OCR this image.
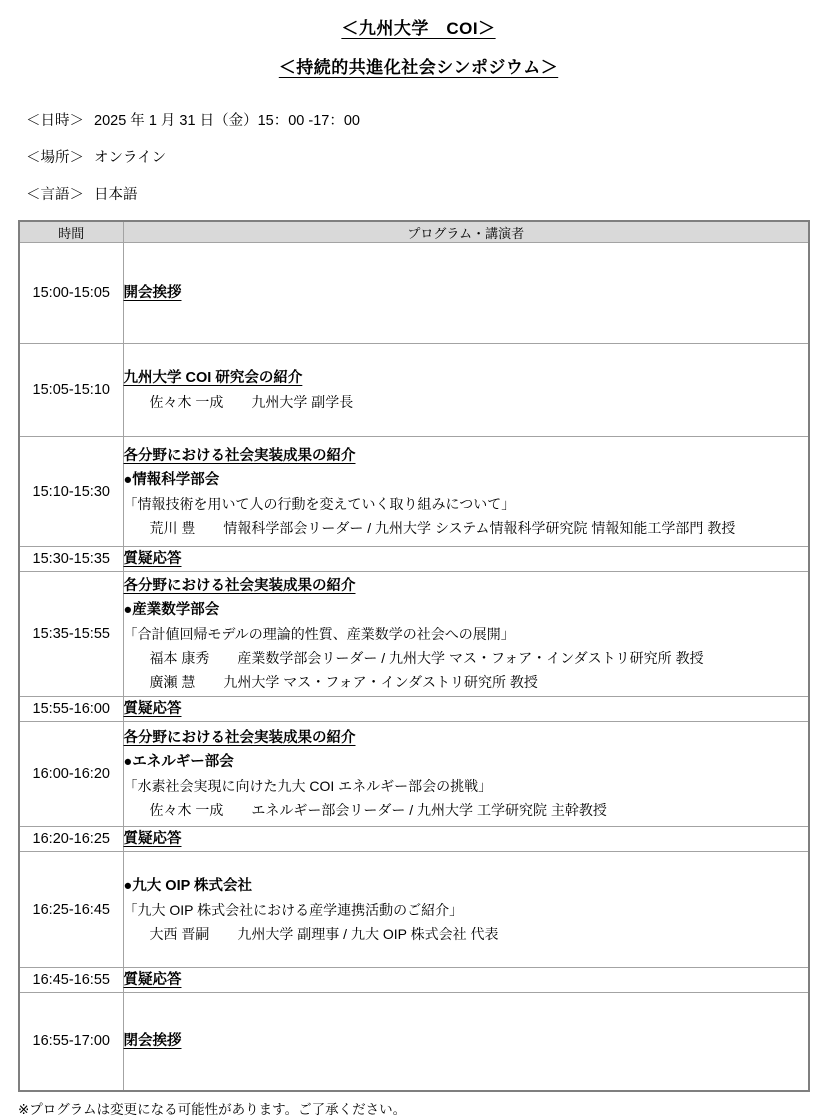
＜九州大学　COI＞
＜持続的共進化社会シンポジウム＞
＜日時＞ 2025 年 1 月 31 日（金）15：00 -17：00
＜場所＞ オンライン
＜言語＞ 日本語
時間	プログラム・講演者
15:00-15:05	開会挨拶

15:05-15:10	九州大学 COI 研究会の紹介
佐々木 一成　　九州大学 副学長

15:10-15:30	各分野における社会実装成果の紹介
●情報科学部会
「情報技術を用いて人の行動を変えていく取り組みについて」
荒川 豊　　情報科学部会リーダー / 九州大学 システム情報科学研究院 情報知能工学部門 教授

15:30-15:35	質疑応答

15:35-15:55	各分野における社会実装成果の紹介
●産業数学部会
「合計値回帰モデルの理論的性質、産業数学の社会への展開」
福本 康秀　　産業数学部会リーダー / 九州大学 マス・フォア・インダストリ研究所 教授
廣瀬 慧　　九州大学 マス・フォア・インダストリ研究所 教授

15:55-16:00	質疑応答

16:00-16:20	各分野における社会実装成果の紹介
●エネルギー部会
「水素社会実現に向けた九大 COI エネルギー部会の挑戦」
佐々木 一成　　エネルギー部会リーダー / 九州大学 工学研究院 主幹教授

16:20-16:25	質疑応答

16:25-16:45	●九大 OIP 株式会社
「九大 OIP 株式会社における産学連携活動のご紹介」
大西 晋嗣　　九州大学 副理事 / 九大 OIP 株式会社 代表

16:45-16:55	質疑応答

16:55-17:00	閉会挨拶
※プログラムは変更になる可能性があります。ご了承ください。
